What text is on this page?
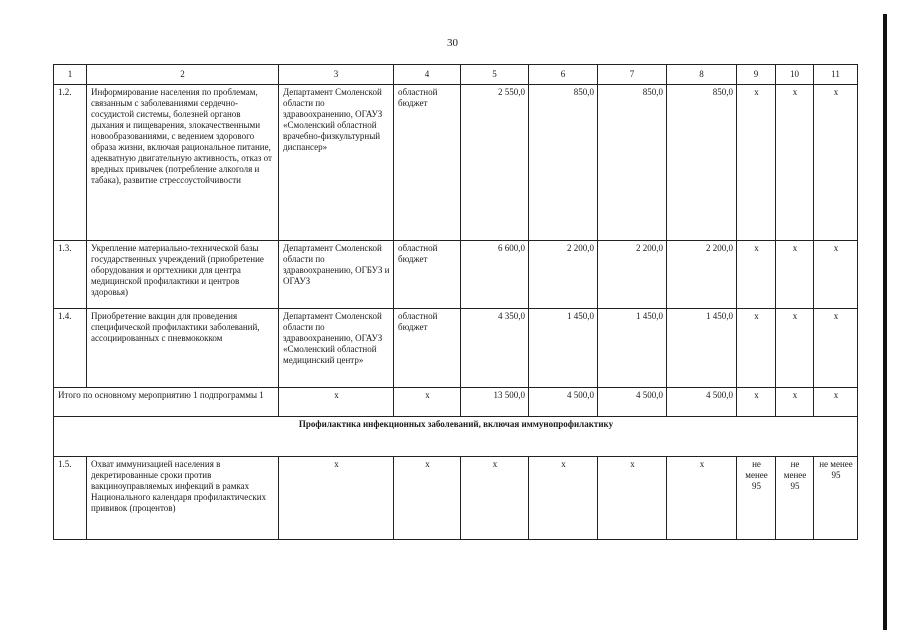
30
1	2	3	4	5	6	7	8	9	10	11
1.2.	Информирование населения по проблемам, связанным с заболеваниями сердечно-сосудистой системы, болезней органов дыхания и пищеварения, злокачественными новообразованиями, с ведением здорового образа жизни, включая рациональное питание, адекватную двигательную активность, отказ от вредных привычек (потребление алкоголя и табака), развитие стрессоустойчивости	Департамент Смоленской области по здравоохранению, ОГАУЗ «Смоленский областной врачебно-физкультурный диспансер»	областной бюджет	2 550,0	850,0	850,0	850,0	x	x	x
1.3.	Укрепление материально-технической базы государственных учреждений (приобретение оборудования и оргтехники для центра медицинской профилактики и центров здоровья)	Департамент Смоленской области по здравоохранению, ОГБУЗ и ОГАУЗ	областной бюджет	6 600,0	2 200,0	2 200,0	2 200,0	x	x	x
1.4.	Приобретение вакцин для проведения специфической профилактики заболеваний, ассоциированных с пневмококком	Департамент Смоленской области по здравоохранению, ОГАУЗ «Смоленский областной медицинский центр»	областной бюджет	4 350,0	1 450,0	1 450,0	1 450,0	x	x	x
Итого по основному мероприятию 1 подпрограммы 1		x	x	13 500,0	4 500,0	4 500,0	4 500,0	x	x	x
Профилактика инфекционных заболеваний, включая иммунопрофилактику										
1.5.	Охват иммунизацией населения в декретированные сроки против вакциноуправляемых инфекций в рамках Национального календаря профилактических прививок (процентов)	x	x	x	x	x	x	не менее 95	не менее 95	не менее 95
